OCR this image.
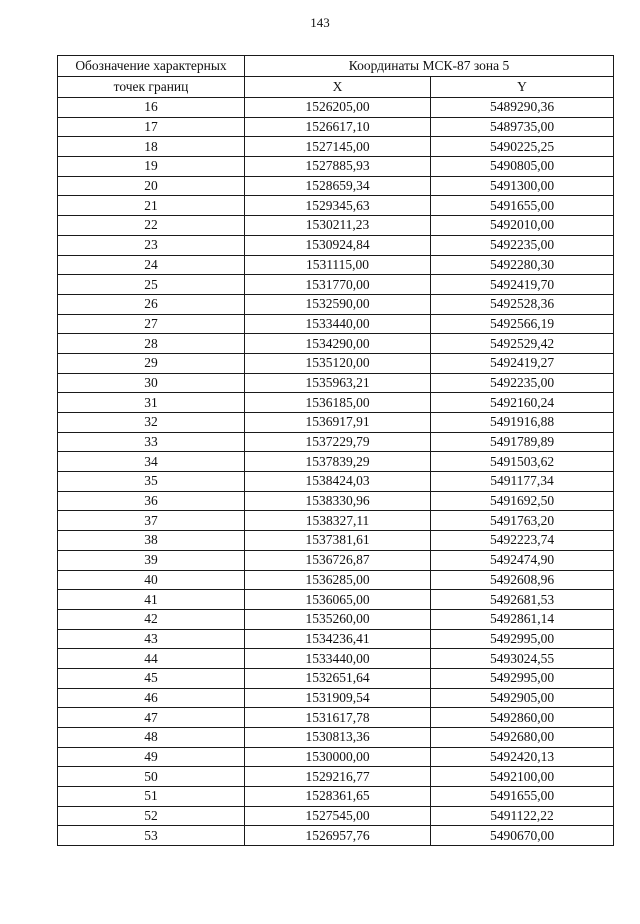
143
Обозначение характерных	Координаты МСК-87 зона 5	
точек границ	X	Y
16	1526205,00	5489290,36
17	1526617,10	5489735,00
18	1527145,00	5490225,25
19	1527885,93	5490805,00
20	1528659,34	5491300,00
21	1529345,63	5491655,00
22	1530211,23	5492010,00
23	1530924,84	5492235,00
24	1531115,00	5492280,30
25	1531770,00	5492419,70
26	1532590,00	5492528,36
27	1533440,00	5492566,19
28	1534290,00	5492529,42
29	1535120,00	5492419,27
30	1535963,21	5492235,00
31	1536185,00	5492160,24
32	1536917,91	5491916,88
33	1537229,79	5491789,89
34	1537839,29	5491503,62
35	1538424,03	5491177,34
36	1538330,96	5491692,50
37	1538327,11	5491763,20
38	1537381,61	5492223,74
39	1536726,87	5492474,90
40	1536285,00	5492608,96
41	1536065,00	5492681,53
42	1535260,00	5492861,14
43	1534236,41	5492995,00
44	1533440,00	5493024,55
45	1532651,64	5492995,00
46	1531909,54	5492905,00
47	1531617,78	5492860,00
48	1530813,36	5492680,00
49	1530000,00	5492420,13
50	1529216,77	5492100,00
51	1528361,65	5491655,00
52	1527545,00	5491122,22
53	1526957,76	5490670,00
